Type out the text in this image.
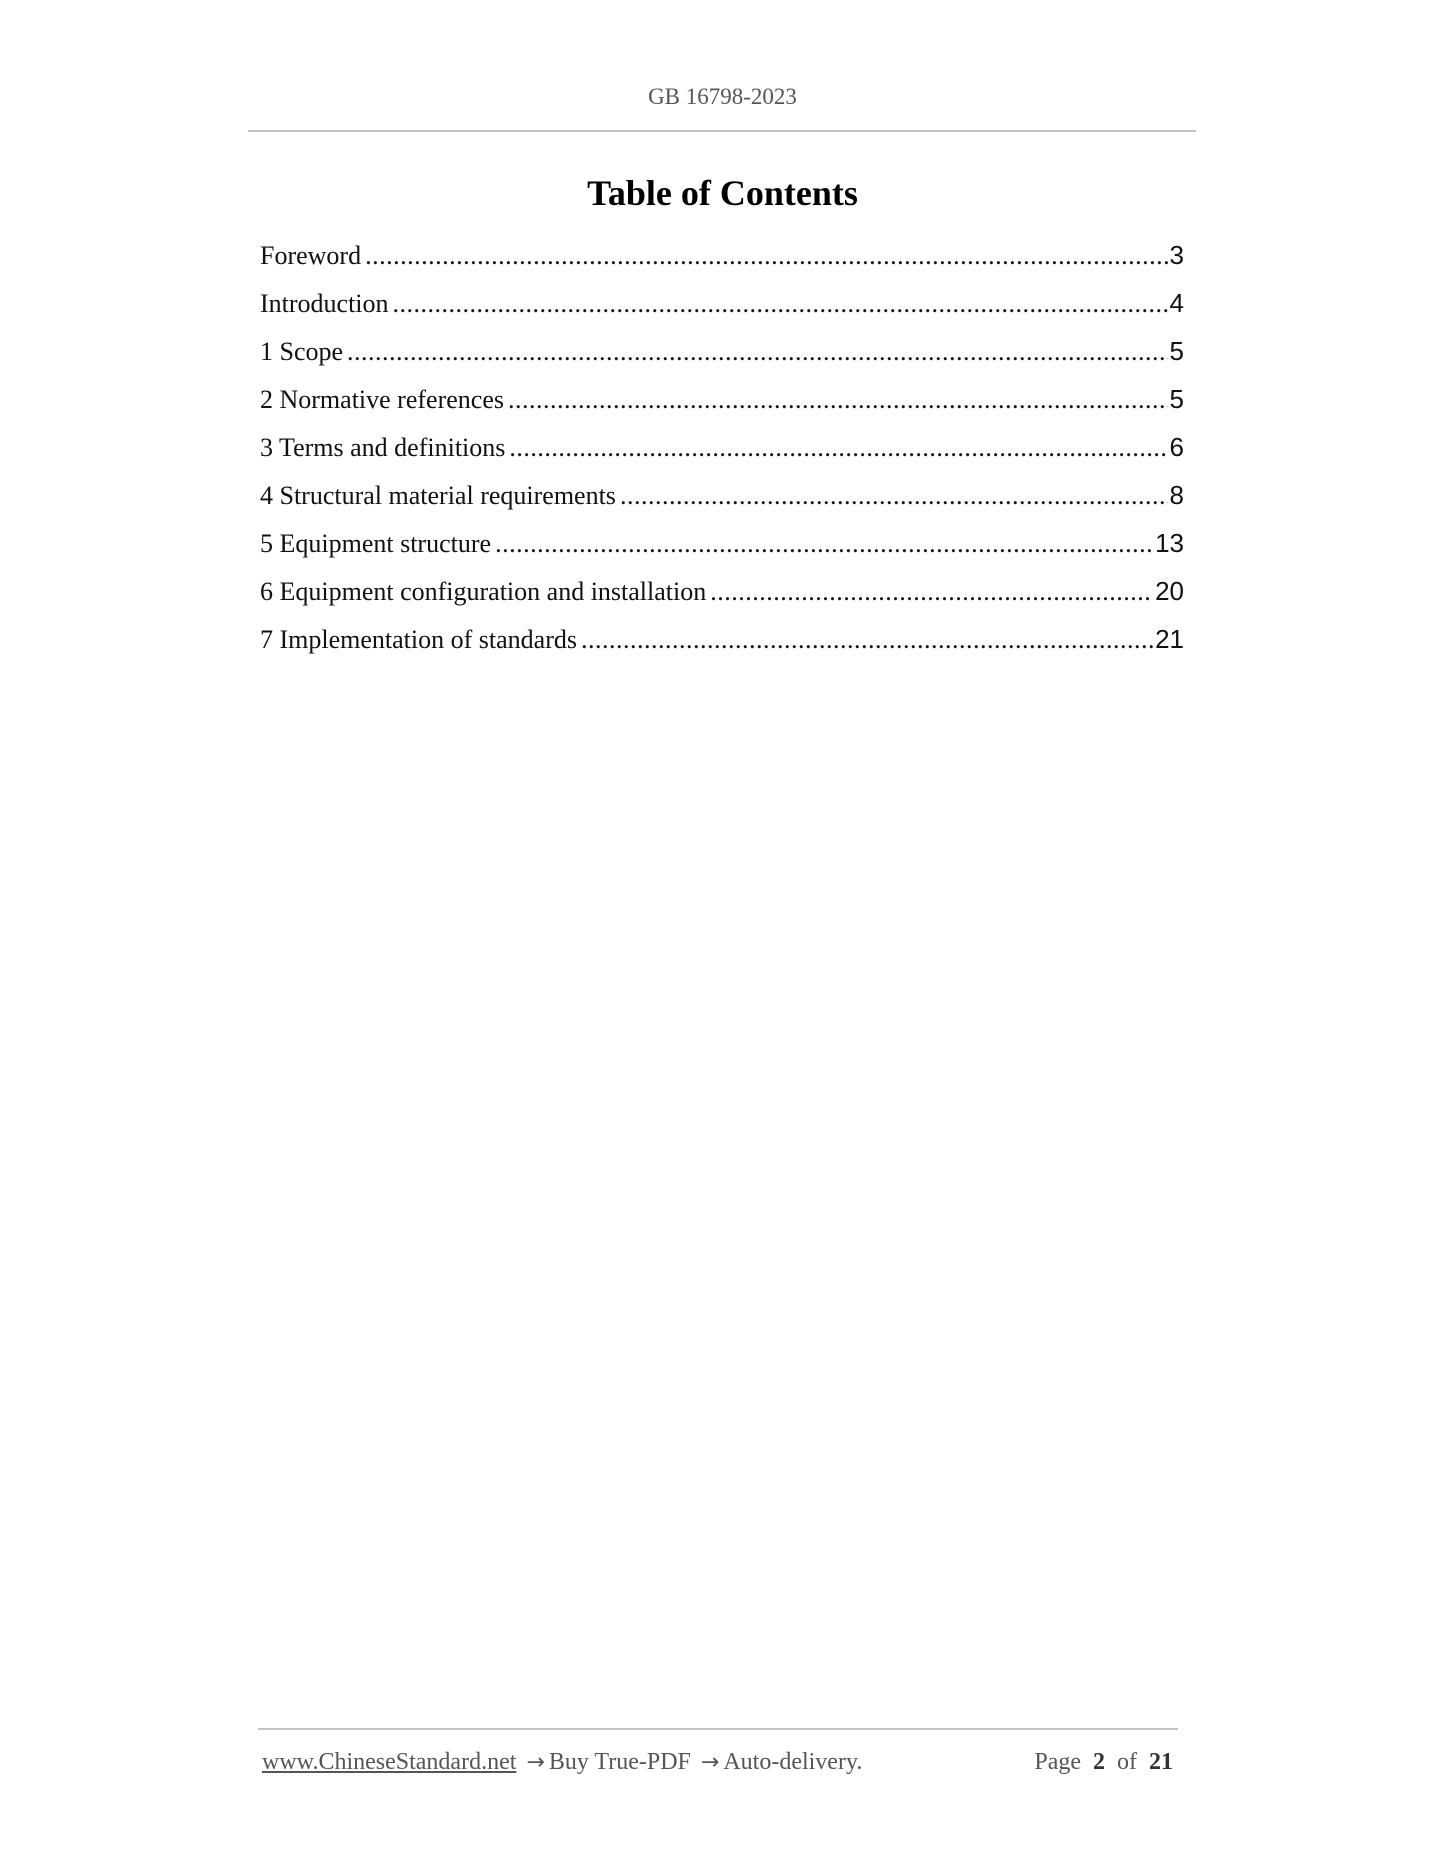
GB 16798-2023
Table of Contents
Foreword .....	3
Introduction .....	4
1 Scope .....	5
2 Normative references .....	5
3 Terms and definitions .....	6
4 Structural material requirements .....	8
5 Equipment structure .....	13
6 Equipment configuration and installation .....	20
7 Implementation of standards .....	21
www.ChineseStandard.net → Buy True-PDF → Auto-delivery.	Page 2 of 21
